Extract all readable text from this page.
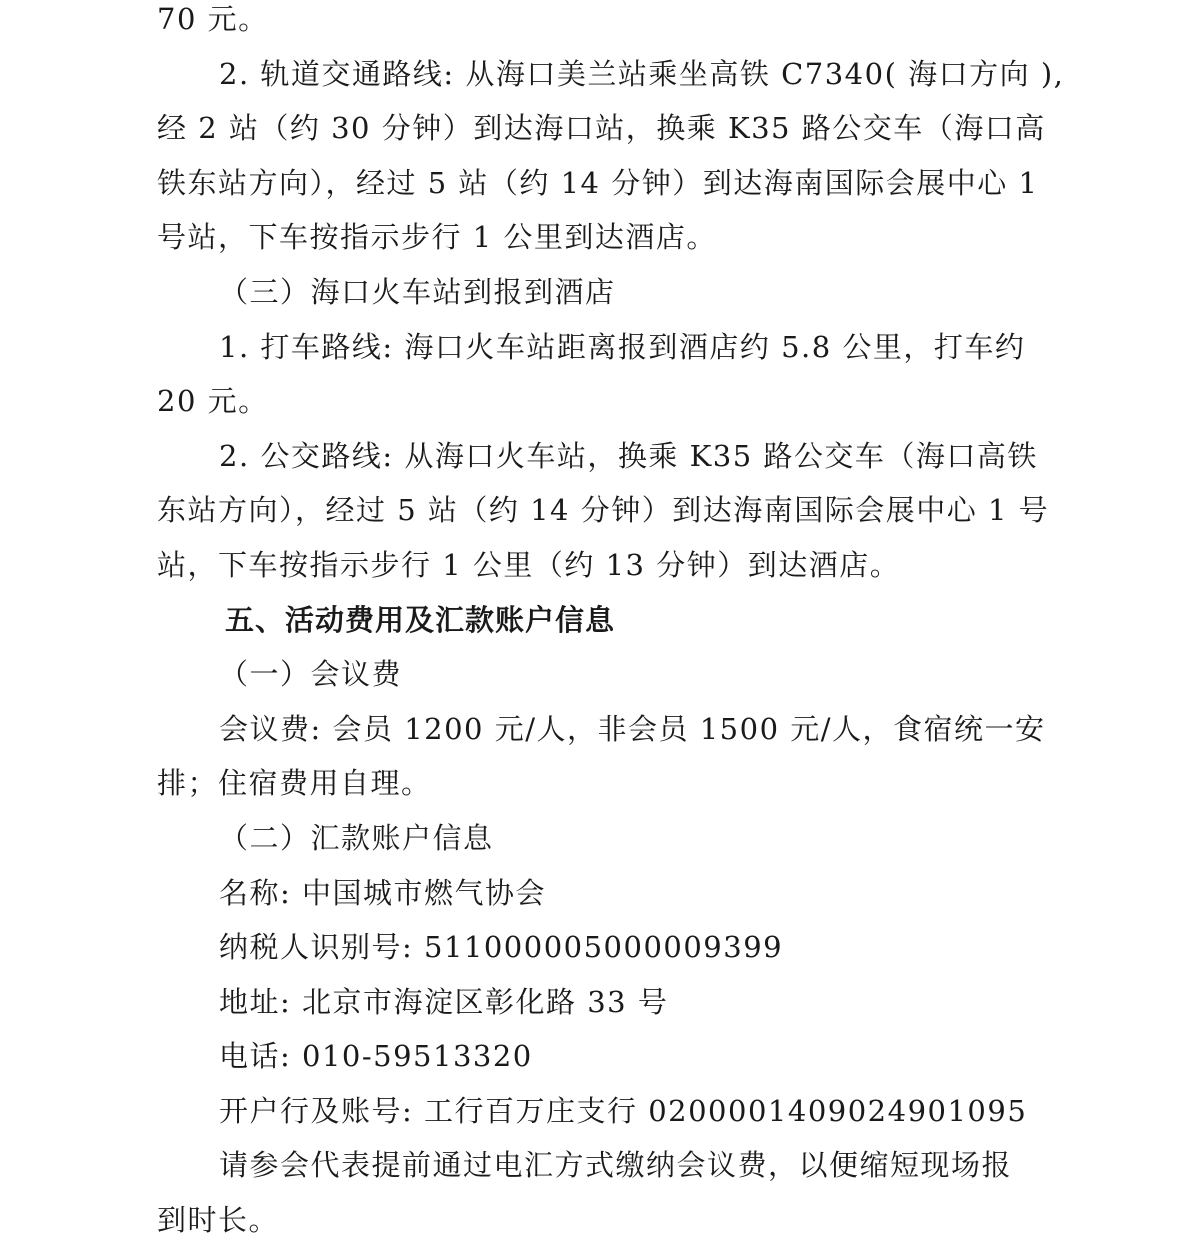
70 元。
2. 轨道交通路线: 从海口美兰站乘坐高铁 C7340( 海口方向 ),
经 2 站（约 30 分钟）到达海口站，换乘 K35 路公交车（海口高
铁东站方向），经过 5 站（约 14 分钟）到达海南国际会展中心 1
号站，下车按指示步行 1 公里到达酒店。
（三）海口火车站到报到酒店
1. 打车路线: 海口火车站距离报到酒店约 5.8 公里，打车约
20 元。
2. 公交路线: 从海口火车站，换乘 K35 路公交车（海口高铁
东站方向），经过 5 站（约 14 分钟）到达海南国际会展中心 1 号
站，下车按指示步行 1 公里（约 13 分钟）到达酒店。
五、活动费用及汇款账户信息
（一）会议费
会议费: 会员 1200 元/人，非会员 1500 元/人，食宿统一安
排；住宿费用自理。
（二）汇款账户信息
名称: 中国城市燃气协会
纳税人识别号: 511000005000009399
地址: 北京市海淀区彰化路 33 号
电话: 010-59513320
开户行及账号: 工行百万庄支行 0200001409024901095
请参会代表提前通过电汇方式缴纳会议费，以便缩短现场报
到时长。
